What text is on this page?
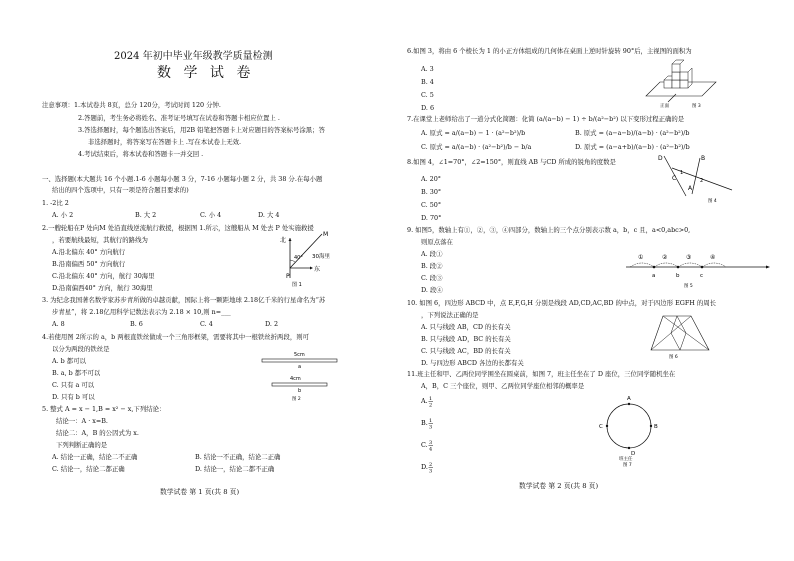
2024 年初中毕业年级教学质量检测
数 学 试 卷
注意事项：1.本试卷共 8页，总分 120分，考试时间 120 分钟.
2.答题前，考生务必将姓名、准考证号填写在试卷和答题卡相应位置上 .
3.答选择题时，每个题选出答案后，用2B 铅笔把答题卡上对应题目的答案标号涂黑；答
非选择题时，将答案写在答题卡上 .写在本试卷上无效.
4.考试结束后，将本试卷和答题卡一并交回 .
一、选择题(本大题共 16 个小题.1-6 小题每小题 3 分，7-16 小题每小题 2 分，共 38 分.在每小题
给出的四个选项中，只有一项是符合题目要求的)
1. -2比 2
A. 小 2	B. 大 2	C. 小 4	D. 大 4
2.一艘轮船在P 处向M 处沿直线逆流航行救援，根据图 1.所示，这艘船从 M 处去 P 处实施救援
，若要航线最短，其航行的路线为
A.沿北偏东 40° 方向航行
B.沿南偏西 50° 方向航行
C.沿北偏东 40° 方向，航行 30海里
D.沿南偏西40° 方向，航行 30海里
北
东
40° 30海里
M
P
图 1
3. 为纪念我国著名数学家苏步青所做的卓越贡献，国际上将一颗距地球 2.18亿千米的行星命名为“苏
步青星”，将 2.18亿用科学记数法表示为 2.18 × 10,则 n=___
A. 8	B. 6	C. 4	D. 2
4.若使用图 2所示的 a，b 两根直铁丝做成一个三角形框架，需要将其中一根铁丝折两段，则可
以分为两段的铁丝是
A. b 都可以
B. a, b 都不可以
C. 只有 a 可以
D. 只有 b 可以
5cm
a
4cm
b
图 2
5. 整式 A = x − 1,B = x² − x,下列结论：
结论一：A · x=B.
结论二：A，B 的公因式为 x.
下列判断正确的是
A. 结论一正确，结论二不正确	B. 结论一不正确，结论二正确
C. 结论一，结论二都正确	D. 结论一，结论二都不正确
数学试卷 第 1 页(共 8 页)
6.如图 3，将由 6 个棱长为 1 的小正方体组成的几何体在桌面上逆时针旋转 90°后，主视图的面积为
A. 3
B. 4
C. 5
D. 6	正面	图 3
7.在课堂上老师给出了一道分式化简题：化简 (a/(a−b) − 1) ÷ b/(a²−b²) 以下变形过程正确的是
A. 原式 = a/(a−b) − 1 · (a²−b²)/b	B. 原式 = (a−a−b)/(a−b) · (a²−b²)/b
C. 原式 = a/(a−b) · (a²−b²)/b − b/a	D. 原式 = (a−a+b)/(a−b) · (a²−b²)/b
8.如图 4，∠1=70°，∠2=150°，则直线 AB 与CD 所成的锐角的度数是
A. 20°
B. 30°
C. 50°
D. 70°
D	B
C
A
1
2
图 4
9. 如图5，数轴上有①，②，③，④四部分，数轴上的三个点分别表示数 a，b，c 且，a<0,abc>0,
则原点落在
A. 段①
B. 段②
C. 段③
D. 段④
①	②	③	④
a	b	c
图 5
10. 如图 6，四边形 ABCD 中，点 E,F,G,H 分别是线段 AD,CD,AC,BD 的中点，对于四边形 EGFH 的周长
，下列说法正确的是
A. 只与线段 AB，CD 的长有关
B. 只与线段 AD，BC 的长有关
C. 只与线段 AC，BD 的长有关
D. 与四边形 ABCD 各边的长都有关
图 6
11.班主任和甲、乙两位同学围坐在圆桌前，如图 7，班主任坐在了 D 座位，三位同学随机坐在
A，B，C 三个座位，则甲、乙两位同学座位相邻的概率是
A. 1
2
B. 1
3
C. 3
4
D. 2
3
A
B
C
D
班主任
图 7
数学试卷 第 2 页(共 8 页)
